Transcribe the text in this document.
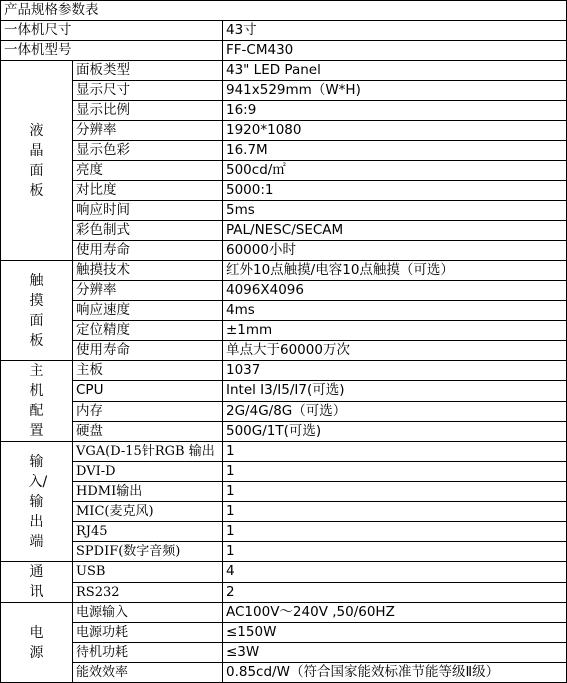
产品规格参数表		
一体机尺寸		43寸
一体机型号		FF-CM430
液晶面板	面板类型	43" LED Panel
	显示尺寸	941x529mm（W*H)
	显示比例	16:9
	分辨率	1920*1080
	显示色彩	16.7M
	亮度	500cd/㎡
	对比度	5000:1
	响应时间	5ms
	彩色制式	PAL/NESC/SECAM
	使用寿命	60000小时
触摸面板	触摸技术	红外10点触摸/电容10点触摸（可选）
	分辨率	4096X4096
	响应速度	4ms
	定位精度	±1mm
	使用寿命	单点大于60000万次
主机配置	主板	1037
	CPU	Intel I3/I5/I7(可选)
	内存	2G/4G/8G（可选）
	硬盘	500G/1T(可选)
输入/输出端	VGA(D-15针RGB 输出	1
	DVI-D	1
	HDMI输出	1
	MIC(麦克风)	1
	RJ45	1
	SPDIF(数字音频)	1
通讯	USB	4
	RS232	2
电源	电源输入	AC100V～240V ,50/60HZ
	电源功耗	≤150W
	待机功耗	≤3W
	能效效率	0.85cd/W（符合国家能效标准节能等级Ⅱ级）
